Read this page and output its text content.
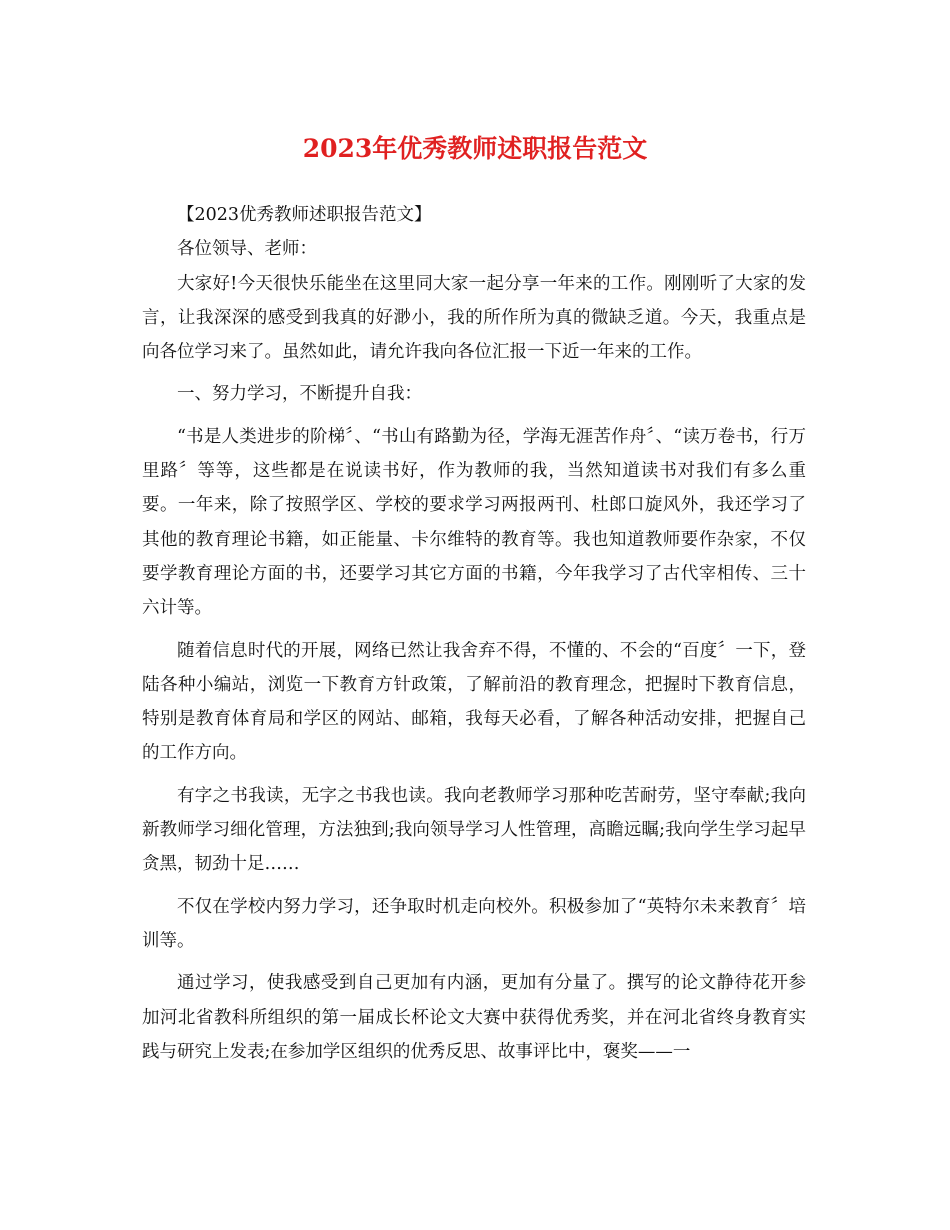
2023年优秀教师述职报告范文

【2023优秀教师述职报告范文】

各位领导、老师：

大家好!今天很快乐能坐在这里同大家一起分享一年来的工作。刚刚听了大家的发言，让我深深的感受到我真的好渺小，我的所作所为真的微缺乏道。今天，我重点是向各位学习来了。虽然如此，请允许我向各位汇报一下近一年来的工作。

一、努力学习，不断提升自我：

“书是人类进步的阶梯〞、“书山有路勤为径，学海无涯苦作舟〞、“读万卷书，行万里路〞等等，这些都是在说读书好，作为教师的我，当然知道读书对我们有多么重要。一年来，除了按照学区、学校的要求学习两报两刊、杜郎口旋风外，我还学习了其他的教育理论书籍，如正能量、卡尔维特的教育等。我也知道教师要作杂家，不仅要学教育理论方面的书，还要学习其它方面的书籍，今年我学习了古代宰相传、三十六计等。

随着信息时代的开展，网络已然让我舍弃不得，不懂的、不会的“百度〞一下，登陆各种小编站，浏览一下教育方针政策，了解前沿的教育理念，把握时下教育信息，特别是教育体育局和学区的网站、邮箱，我每天必看，了解各种活动安排，把握自己的工作方向。

有字之书我读，无字之书我也读。我向老教师学习那种吃苦耐劳，坚守奉献;我向新教师学习细化管理，方法独到;我向领导学习人性管理，高瞻远瞩;我向学生学习起早贪黑，韧劲十足……

不仅在学校内努力学习，还争取时机走向校外。积极参加了“英特尔未来教育〞培训等。

通过学习，使我感受到自己更加有内涵，更加有分量了。撰写的论文静待花开参加河北省教科所组织的第一届成长杯论文大赛中获得优秀奖，并在河北省终身教育实践与研究上发表;在参加学区组织的优秀反思、故事评比中，褒奖——一
